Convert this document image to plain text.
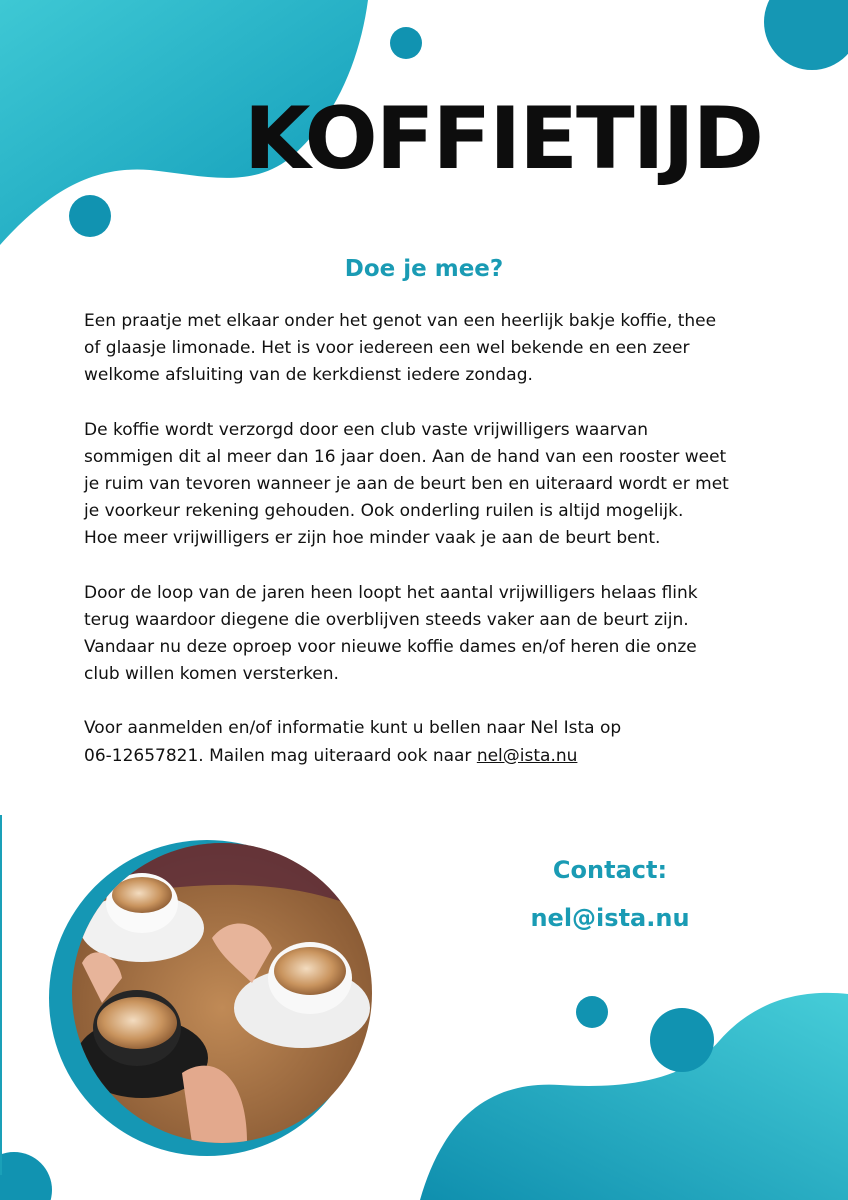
KOFFIETIJD
Doe je mee?

Een praatje met elkaar onder het genot van een heerlijk bakje koffie, thee
of glaasje limonade. Het is voor iedereen een wel bekende en een zeer
welkome afsluiting van de kerkdienst iedere zondag.

De koffie wordt verzorgd door een club vaste vrijwilligers waarvan
sommigen dit al meer dan 16 jaar doen. Aan de hand van een rooster weet
je ruim van tevoren wanneer je aan de beurt ben en uiteraard wordt er met
je voorkeur rekening gehouden. Ook onderling ruilen is altijd mogelijk.
Hoe meer vrijwilligers er zijn hoe minder vaak je aan de beurt bent.

Door de loop van de jaren heen loopt het aantal vrijwilligers helaas flink
terug waardoor diegene die overblijven steeds vaker aan de beurt zijn.
Vandaar nu deze oproep voor nieuwe koffie dames en/of heren die onze
club willen komen versterken.

Voor aanmelden en/of informatie kunt u bellen naar Nel Ista op
06-12657821. Mailen mag uiteraard ook naar nel@ista.nu

Contact:
nel@ista.nu
